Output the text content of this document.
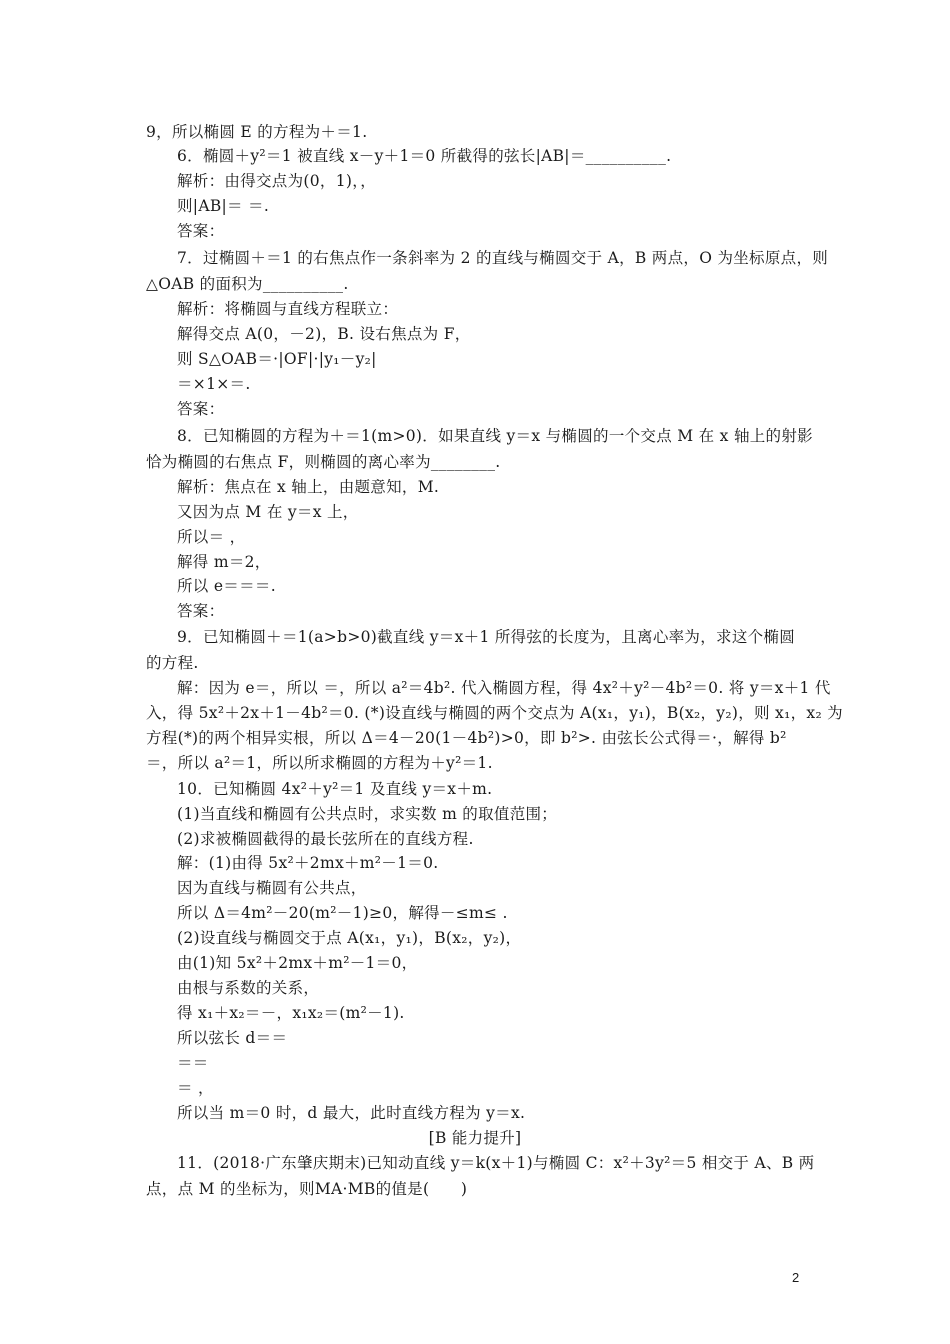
9，所以椭圆 E 的方程为＋＝1.
6．椭圆＋y²＝1 被直线 x－y＋1＝0 所截得的弦长|AB|＝__________.
解析：由得交点为(0，1)，，
则|AB|＝ ＝.
答案：
7．过椭圆＋＝1 的右焦点作一条斜率为 2 的直线与椭圆交于 A，B 两点，O 为坐标原点，则
△OAB 的面积为__________.
解析：将椭圆与直线方程联立：
解得交点 A(0，－2)，B. 设右焦点为 F，
则 S△OAB＝·|OF|·|y₁－y₂|
＝×1×＝.
答案：
8．已知椭圆的方程为＋＝1(m>0)．如果直线 y＝x 与椭圆的一个交点 M 在 x 轴上的射影
恰为椭圆的右焦点 F，则椭圆的离心率为________.
解析：焦点在 x 轴上，由题意知，M.
又因为点 M 在 y＝x 上，
所以＝ ，
解得 m＝2，
所以 e＝＝＝.
答案：
9．已知椭圆＋＝1(a>b>0)截直线 y＝x＋1 所得弦的长度为，且离心率为，求这个椭圆
的方程.
解：因为 e＝，所以 ＝，所以 a²＝4b². 代入椭圆方程，得 4x²＋y²－4b²＝0. 将 y＝x＋1 代
入，得 5x²＋2x＋1－4b²＝0. (*)设直线与椭圆的两个交点为 A(x₁，y₁)，B(x₂，y₂)，则 x₁，x₂ 为
方程(*)的两个相异实根，所以 Δ＝4－20(1－4b²)>0，即 b²>. 由弦长公式得＝·，解得 b²
＝，所以 a²＝1，所以所求椭圆的方程为＋y²＝1.
10．已知椭圆 4x²＋y²＝1 及直线 y＝x＋m.
(1)当直线和椭圆有公共点时，求实数 m 的取值范围；
(2)求被椭圆截得的最长弦所在的直线方程.
解：(1)由得 5x²＋2mx＋m²－1＝0.
因为直线与椭圆有公共点，
所以 Δ＝4m²－20(m²－1)≥0，解得－≤m≤ .
(2)设直线与椭圆交于点 A(x₁，y₁)，B(x₂，y₂)，
由(1)知 5x²＋2mx＋m²－1＝0，
由根与系数的关系，
得 x₁＋x₂＝－，x₁x₂＝(m²－1).
所以弦长 d＝＝
＝＝
＝ ，
所以当 m＝0 时，d 最大，此时直线方程为 y＝x.
[B 能力提升]
11．(2018·广东肇庆期末)已知动直线 y＝k(x＋1)与椭圆 C：x²＋3y²＝5 相交于 A、B 两
点，点 M 的坐标为，则MA·MB的值是(　　)
2
